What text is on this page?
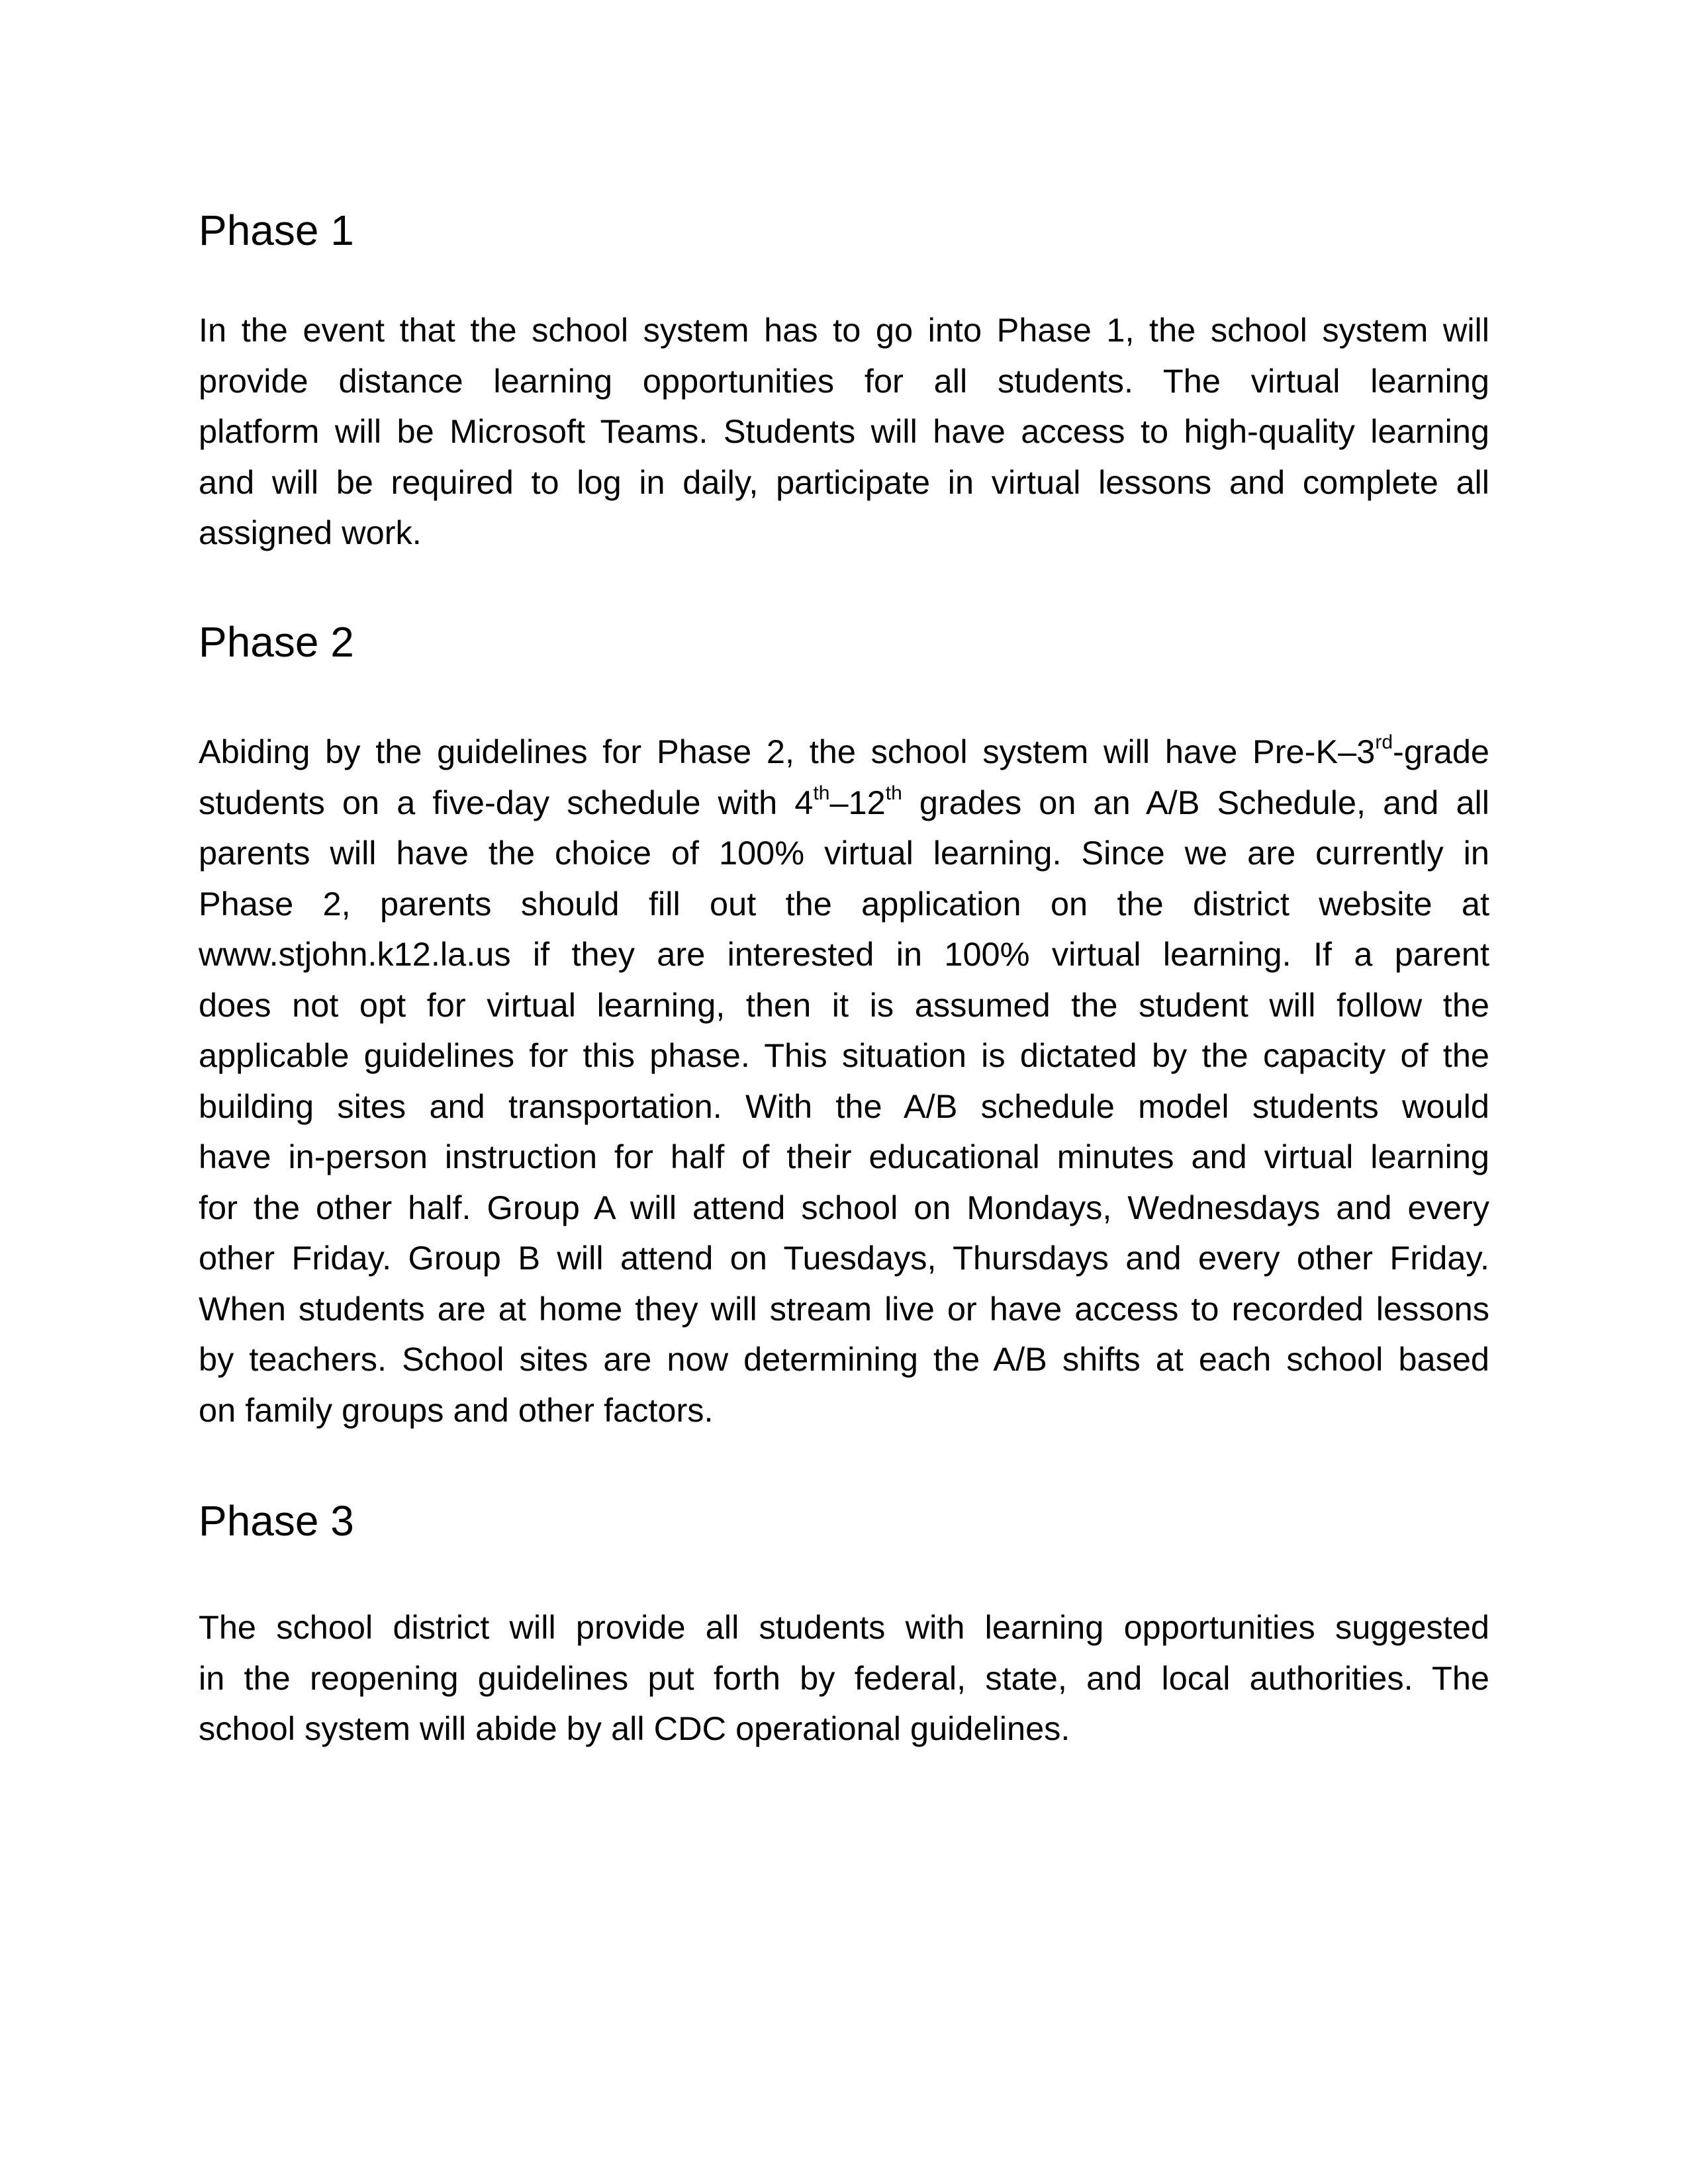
Phase 1
In the event that the school system has to go into Phase 1, the school system will
provide distance learning opportunities for all students. The virtual learning
platform will be Microsoft Teams. Students will have access to high-quality learning
and will be required to log in daily, participate in virtual lessons and complete all
assigned work.
Phase 2
Abiding by the guidelines for Phase 2, the school system will have Pre-K–3rd-grade
students on a five-day schedule with 4th–12th grades on an A/B Schedule, and all
parents will have the choice of 100% virtual learning. Since we are currently in
Phase 2, parents should fill out the application on the district website at
www.stjohn.k12.la.us if they are interested in 100% virtual learning. If a parent
does not opt for virtual learning, then it is assumed the student will follow the
applicable guidelines for this phase. This situation is dictated by the capacity of the
building sites and transportation. With the A/B schedule model students would
have in-person instruction for half of their educational minutes and virtual learning
for the other half. Group A will attend school on Mondays, Wednesdays and every
other Friday. Group B will attend on Tuesdays, Thursdays and every other Friday.
When students are at home they will stream live or have access to recorded lessons
by teachers. School sites are now determining the A/B shifts at each school based
on family groups and other factors.
Phase 3
The school district will provide all students with learning opportunities suggested
in the reopening guidelines put forth by federal, state, and local authorities. The
school system will abide by all CDC operational guidelines.
